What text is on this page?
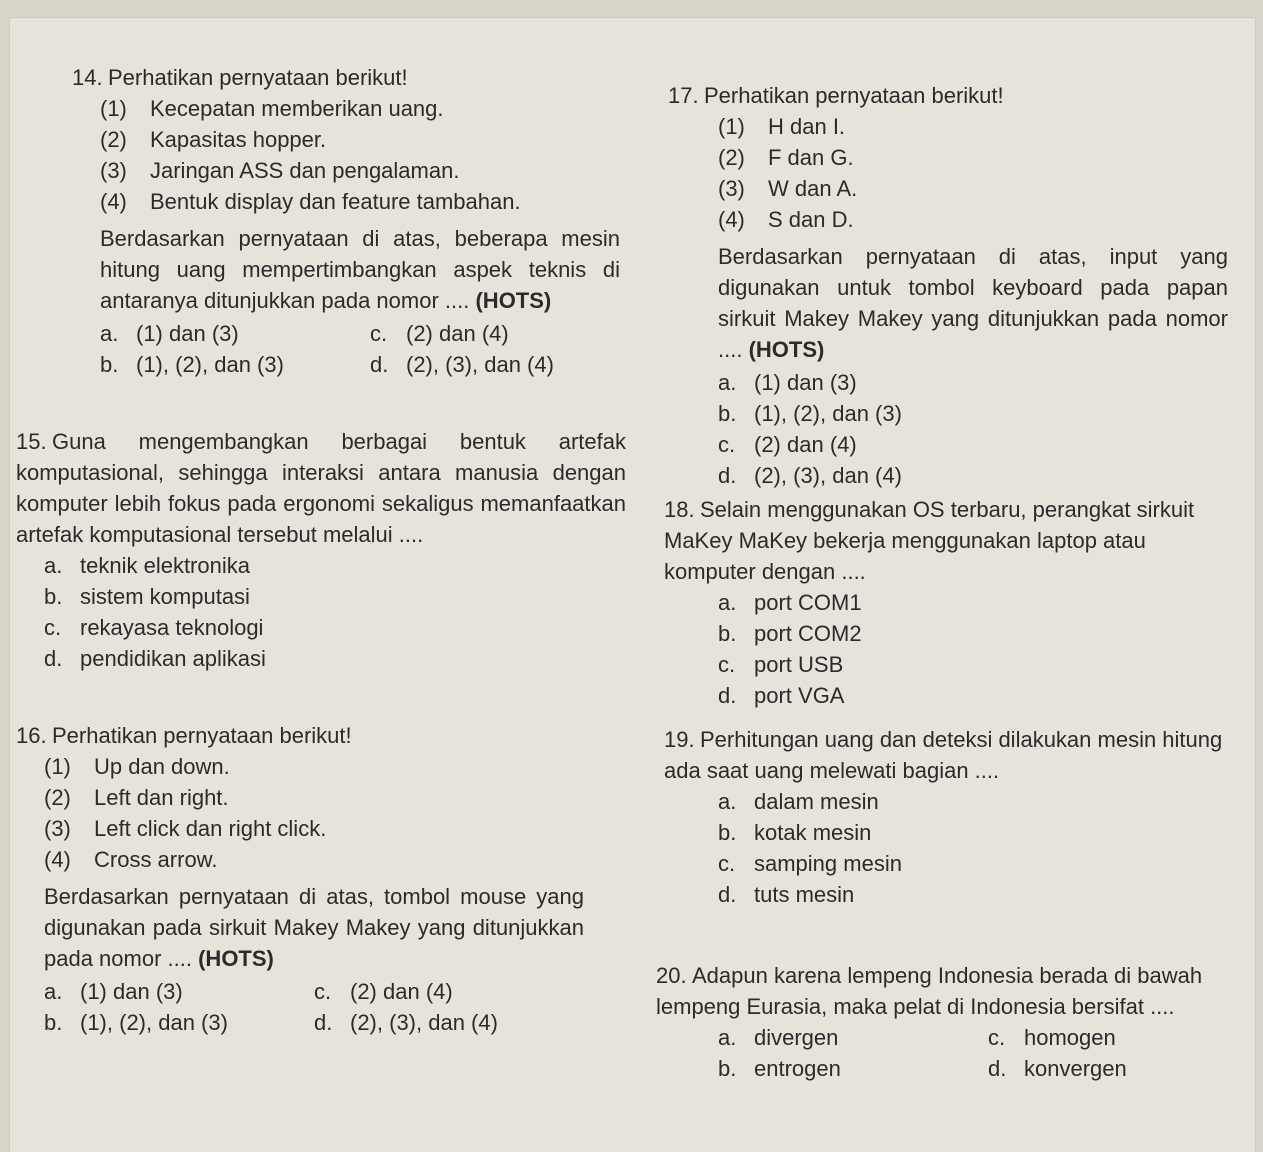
14. Perhatikan pernyataan berikut!

(1) Kecepatan memberikan uang.

(2) Kapasitas hopper.

(3) Jaringan ASS dan pengalaman.

(4) Bentuk display dan feature tambahan.

Berdasarkan pernyataan di atas, beberapa mesin hitung uang mempertimbangkan aspek teknis di antaranya ditunjukkan pada nomor .... (HOTS)

a. (1) dan (3)	c. (2) dan (4)
b. (1), (2), dan (3)	d. (2), (3), dan (4)

15. Guna mengembangkan berbagai bentuk artefak komputasional, sehingga interaksi antara manusia dengan komputer lebih fokus pada ergonomi sekaligus memanfaatkan artefak komputasional tersebut melalui ....

a. teknik elektronika
b. sistem komputasi
c. rekayasa teknologi
d. pendidikan aplikasi

16. Perhatikan pernyataan berikut!

(1) Up dan down.

(2) Left dan right.

(3) Left click dan right click.

(4) Cross arrow.

Berdasarkan pernyataan di atas, tombol mouse yang digunakan pada sirkuit Makey Makey yang ditunjukkan pada nomor .... (HOTS)

a. (1) dan (3)	c. (2) dan (4)
b. (1), (2), dan (3)	d. (2), (3), dan (4)

17. Perhatikan pernyataan berikut!

(1) H dan I.

(2) F dan G.

(3) W dan A.

(4) S dan D.

Berdasarkan pernyataan di atas, input yang digunakan untuk tombol keyboard pada papan sirkuit Makey Makey yang ditunjukkan pada nomor .... (HOTS)

a. (1) dan (3)
b. (1), (2), dan (3)
c. (2) dan (4)
d. (2), (3), dan (4)

18. Selain menggunakan OS terbaru, perangkat sirkuit MaKey MaKey bekerja menggunakan laptop atau komputer dengan ....

a. port COM1
b. port COM2
c. port USB
d. port VGA

19. Perhitungan uang dan deteksi dilakukan mesin hitung ada saat uang melewati bagian ....

a. dalam mesin
b. kotak mesin
c. samping mesin
d. tuts mesin

20. Adapun karena lempeng Indonesia berada di bawah lempeng Eurasia, maka pelat di Indonesia bersifat ....

a. divergen	c. homogen
b. entrogen	d. konvergen
